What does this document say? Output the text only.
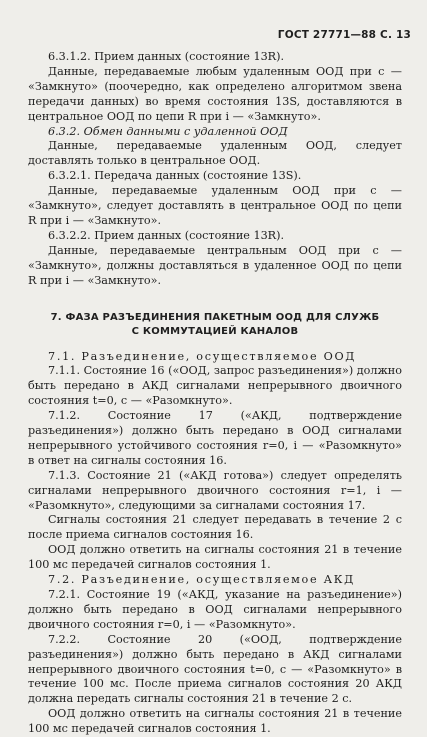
ГОСТ 27771—88 С. 13

6.3.1.2. Прием данных (состояние 13R).

Данные, передаваемые любым удаленным ООД при с — «Замкнуто» (поочередно, как определено алгоритмом звена передачи данных) во время состояния 13S, доставляются в центральное ООД по цепи R при i — «Замкнуто».

6.3.2. Обмен данными с удаленной ООД

Данные, передаваемые удаленным ООД, следует доставлять только в центральное ООД.

6.3.2.1. Передача данных (состояние 13S).

Данные, передаваемые удаленным ООД при с — «Замкнуто», следует доставлять в центральное ООД по цепи R при i — «Замкнуто».

6.3.2.2. Прием данных (состояние 13R).

Данные, передаваемые центральным ООД при с — «Замкнуто», должны доставляться в удаленное ООД по цепи R при i — «Замкнуто».

7. ФАЗА РАЗЪЕДИНЕНИЯ ПАКЕТНЫМ ООД ДЛЯ СЛУЖБ
С КОММУТАЦИЕЙ КАНАЛОВ

7.1. Разъединение, осуществляемое ООД

7.1.1. Состояние 16 («ООД, запрос разъединения») должно быть передано в АКД сигналами непрерывного двоичного состояния t=0, с — «Разомкнуто».

7.1.2. Состояние 17 («АКД, подтверждение разъединения») должно быть передано в ООД сигналами непрерывного устойчивого состояния r=0, i — «Разомкнуто» в ответ на сигналы состояния 16.

7.1.3. Состояние 21 («АКД готова») следует определять сигналами непрерывного двоичного состояния r=1, i — «Разомкнуто», следующими за сигналами состояния 17.

Сигналы состояния 21 следует передавать в течение 2 с после приема сигналов состояния 16.

ООД должно ответить на сигналы состояния 21 в течение 100 мс передачей сигналов состояния 1.

7.2. Разъединение, осуществляемое АКД

7.2.1. Состояние 19 («АКД, указание на разъединение») должно быть передано в ООД сигналами непрерывного двоичного состояния r=0, i — «Разомкнуто».

7.2.2. Состояние 20 («ООД, подтверждение разъединения») должно быть передано в АКД сигналами непрерывного двоичного состояния t=0, с — «Разомкнуто» в течение 100 мс. После приема сигналов состояния 20 АКД должна передать сигналы состояния 21 в течение 2 с.

ООД должно ответить на сигналы состояния 21 в течение 100 мс передачей сигналов состояния 1.
